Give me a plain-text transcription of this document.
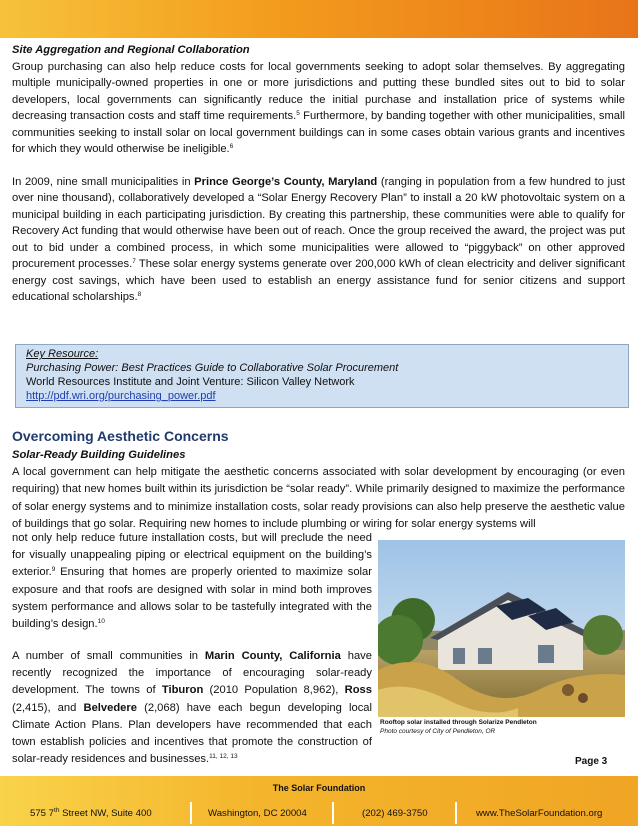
Site Aggregation and Regional Collaboration

Group purchasing can also help reduce costs for local governments seeking to adopt solar themselves. By aggregating multiple municipally-owned properties in one or more jurisdictions and putting these bundled sites out to bid to solar developers, local governments can significantly reduce the initial purchase and installation price of systems while decreasing transaction costs and staff time requirements.$^5$ Furthermore, by banding together with other municipalities, small communities seeking to install solar on local government buildings can in some cases obtain various grants and incentives for which they would otherwise be ineligible.$^6$

In 2009, nine small municipalities in Prince George’s County, Maryland (ranging in population from a few hundred to just over nine thousand), collaboratively developed a “Solar Energy Recovery Plan” to install a 20 kW photovoltaic system on a municipal building in each participating jurisdiction. By creating this partnership, these communities were able to qualify for Recovery Act funding that would otherwise have been out of reach. Once the group received the award, the project was put out to bid under a combined process, in which some municipalities were allowed to “piggyback” on other approved procurement processes.$^7$ These solar energy systems generate over 200,000 kWh of clean electricity and deliver significant energy cost savings, which have been used to establish an energy assistance fund for senior citizens and support educational scholarships.$^8$

Key Resource:
Purchasing Power: Best Practices Guide to Collaborative Solar Procurement
World Resources Institute and Joint Venture: Silicon Valley Network
http://pdf.wri.org/purchasing_power.pdf
Overcoming Aesthetic Concerns
Solar-Ready Building Guidelines

A local government can help mitigate the aesthetic concerns associated with solar development by encouraging (or even requiring) that new homes built within its jurisdiction be “solar ready”. While primarily designed to maximize the performance of solar energy systems and to minimize installation costs, solar ready provisions can also help preserve the aesthetic value of buildings that go solar. Requiring new homes to include plumbing or wiring for solar energy systems will

not only help reduce future installation costs, but will preclude the need for visually unappealing piping or electrical equipment on the building’s exterior.$^9$ Ensuring that homes are properly oriented to maximize solar exposure and that roofs are designed with solar in mind both improves system performance and allows solar to be tastefully integrated with the building’s design.$^{10}$

A number of small communities in Marin County, California have recently recognized the importance of encouraging solar-ready development. The towns of Tiburon (2010 Population 8,962), Ross (2,415), and Belvedere (2,068) have each begun developing local Climate Action Plans. Plan developers have recommended that each town establish policies and incentives that promote the construction of solar-ready residences and businesses.$^{11, 12, 13}$

Rooftop solar installed through Solarize Pendleton
Photo courtesy of City of Pendleton, OR
Page 3
The Solar Foundation
575 7th Street NW, Suite 400	Washington, DC 20004	(202) 469-3750	www.TheSolarFoundation.org
